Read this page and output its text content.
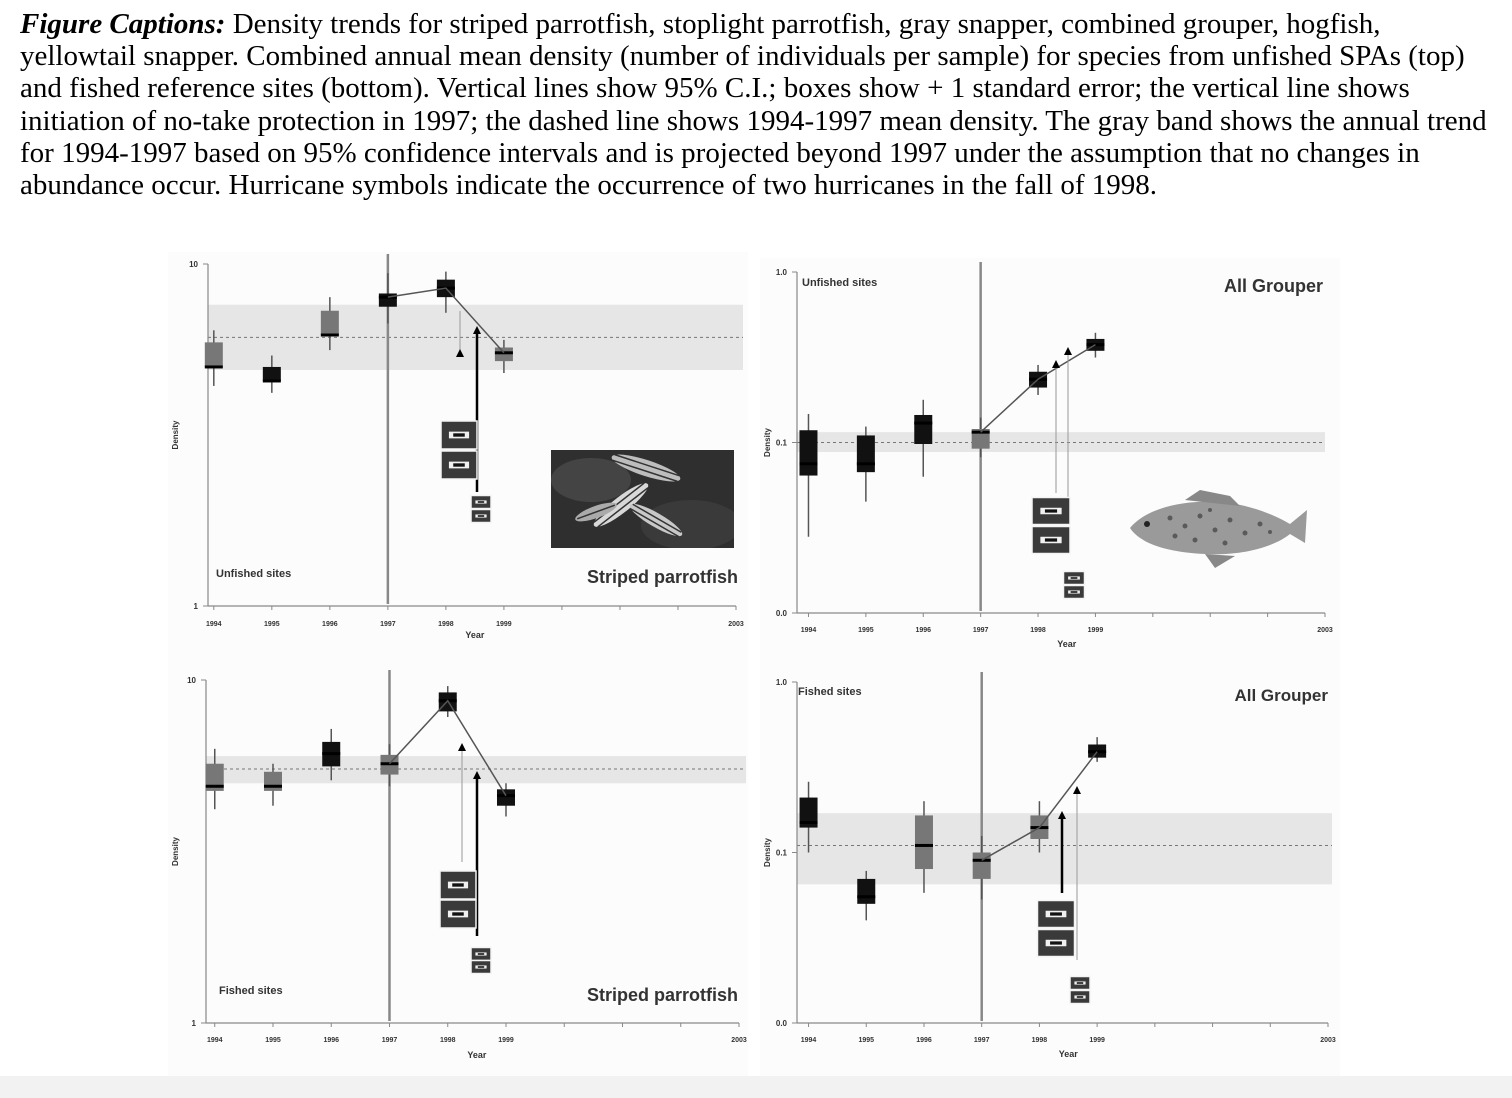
Figure Captions: Density trends for striped parrotfish, stoplight parrotfish, gray snapper, combined grouper, hogfish, yellowtail snapper. Combined annual mean density (number of individuals per sample) for species from unfished SPAs (top) and fished reference sites (bottom). Vertical lines show 95% C.I.; boxes show + 1 standard error; the vertical line shows initiation of no-take protection in 1997; the dashed line shows 1994-1997 mean density. The gray band shows the annual trend for 1994-1997 based on 95% confidence intervals and is projected beyond 1997 under the assumption that no changes in abundance occur. Hurricane symbols indicate the occurrence of two hurricanes in the fall of 1998.

10
1
1994	1995	1996	1997	1998	1999	2003
Year
Density
Unfished sites	Striped parrotfish
1.0
0.1
0.0
1994	1995	1996	1997	1998	1999	2003
Year
Density
Unfished sites	All Grouper
10
1
1994	1995	1996	1997	1998	1999	2003
Year
Density
Fished sites	Striped parrotfish
1.0
0.1
0.0
1994	1995	1996	1997	1998	1999	2003
Year
Density
Fished sites	All Grouper
